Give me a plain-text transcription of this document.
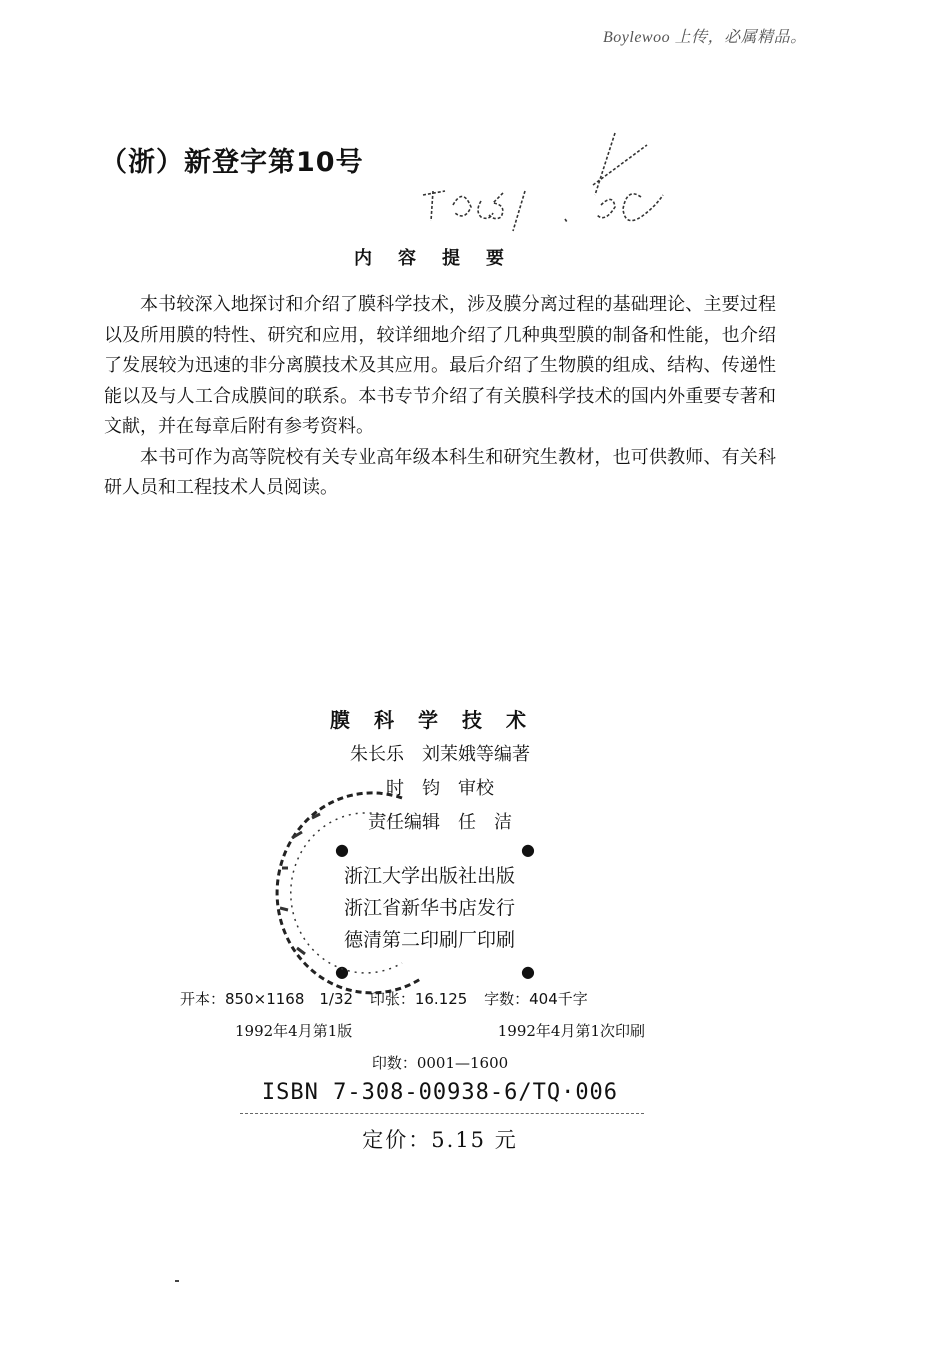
Boylewoo 上传，必属精品。
（浙）新登字第10号
内容提要

本书较深入地探讨和介绍了膜科学技术，涉及膜分离过程的基础理论、主要过程以及所用膜的特性、研究和应用，较详细地介绍了几种典型膜的制备和性能，也介绍了发展较为迅速的非分离膜技术及其应用。最后介绍了生物膜的组成、结构、传递性能以及与人工合成膜间的联系。本书专节介绍了有关膜科学技术的国内外重要专著和文献，并在每章后附有参考资料。

本书可作为高等院校有关专业高年级本科生和研究生教材，也可供教师、有关科研人员和工程技术人员阅读。

膜科学技术
朱长乐　刘茉娥等编著
时　钧　审校
责任编辑　任　洁
●	●
浙江大学出版社出版
浙江省新华书店发行
德清第二印刷厂印刷
●	●
开本：850×1168　1/32 印张：16.125 字数：404千字
1992年4月第1版	1992年4月第1次印刷
印数：0001—1600
ISBN 7-308-00938-6/TQ·006
定价：5.15 元
